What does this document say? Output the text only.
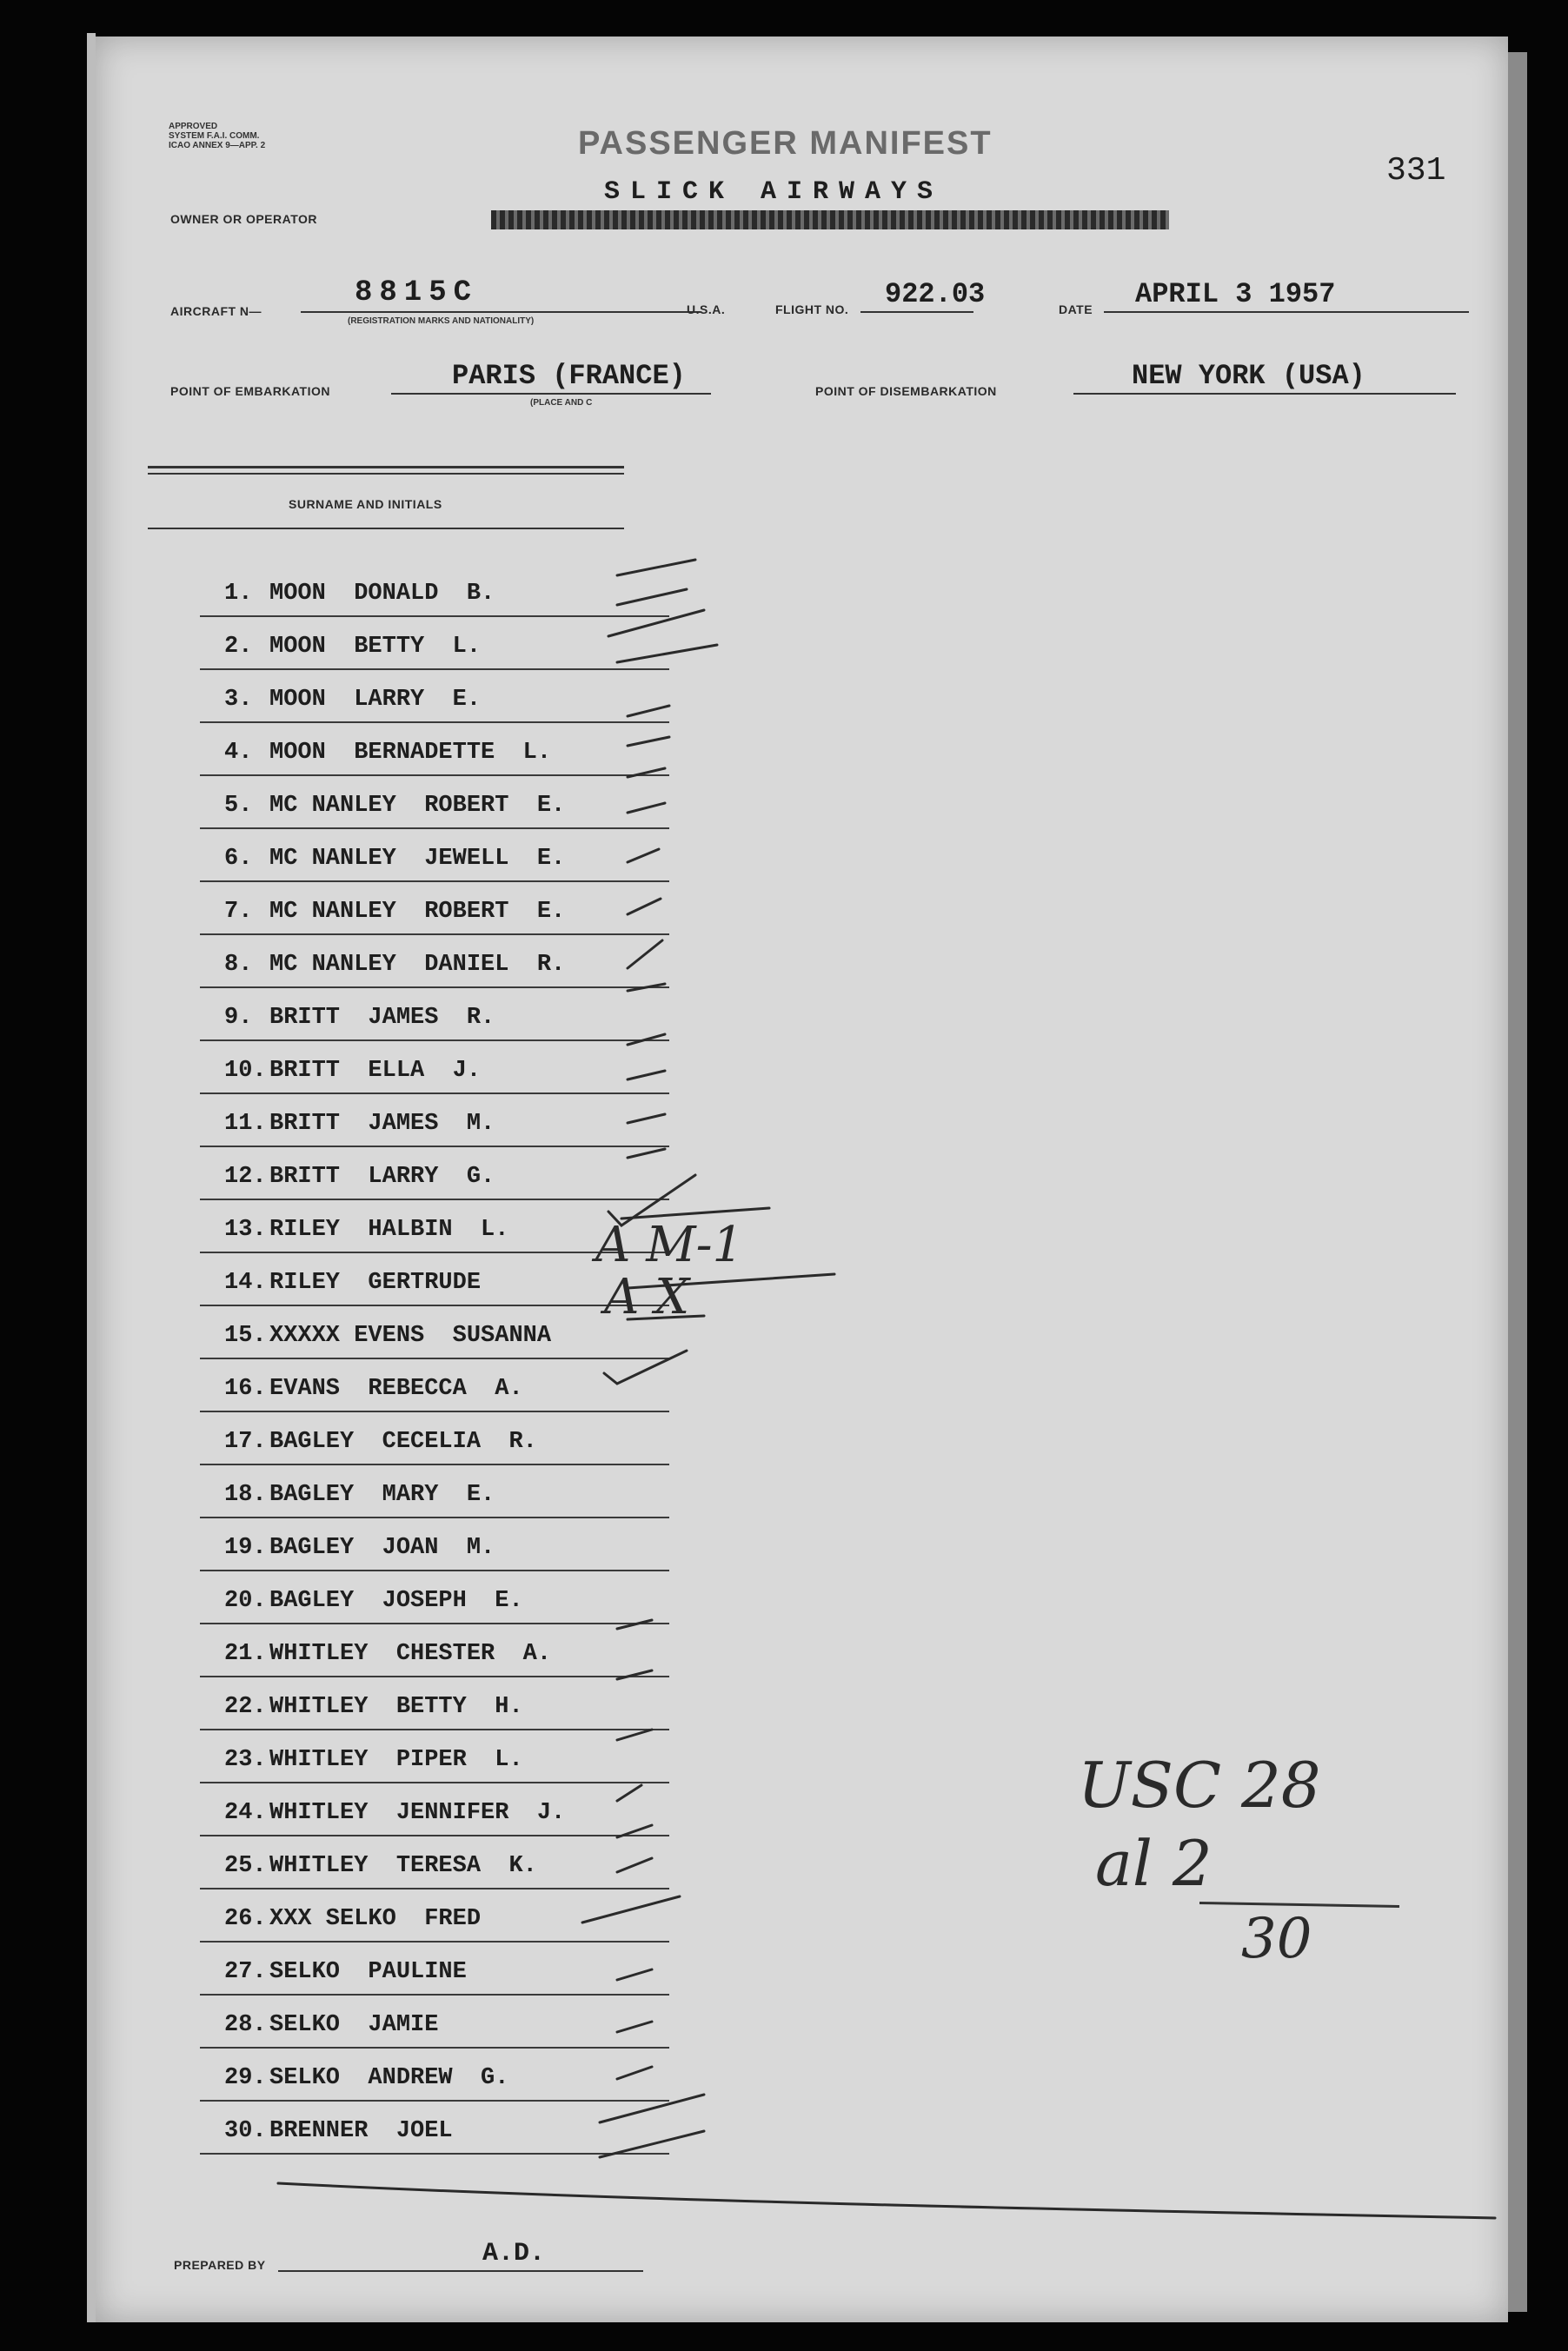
APPROVED
SYSTEM F.A.I. COMM.
ICAO ANNEX 9—APP. 2	PASSENGER MANIFEST
331
OWNER OR OPERATOR
SLICK AIRWAYS
AIRCRAFT N—
8815C
(REGISTRATION MARKS AND NATIONALITY)
U.S.A.	FLIGHT NO. 922.03	DATE APRIL 3 1957
POINT OF EMBARKATION	PARIS (FRANCE)
(PLACE AND C
POINT OF DISEMBARKATION	NEW YORK (USA)
SURNAME AND INITIALS
1. MOON  DONALD  B.
2. MOON  BETTY  L.
3. MOON  LARRY  E.
4. MOON  BERNADETTE  L.
5. MC NANLEY  ROBERT  E.
6. MC NANLEY  JEWELL  E.
7. MC NANLEY  ROBERT  E.
8. MC NANLEY  DANIEL  R.
9. BRITT  JAMES  R.
10. BRITT  ELLA  J.
11. BRITT  JAMES  M.
12. BRITT  LARRY  G.
13. RILEY  HALBIN  L.
14. RILEY  GERTRUDE
15. XXXXX EVENS  SUSANNA
16. EVANS  REBECCA  A.
17. BAGLEY  CECELIA  R.
18. BAGLEY  MARY  E.
19. BAGLEY  JOAN  M.
20. BAGLEY  JOSEPH  E.
21. WHITLEY  CHESTER  A.
22. WHITLEY  BETTY  H.
23. WHITLEY  PIPER  L.
24. WHITLEY  JENNIFER  J.
25. WHITLEY  TERESA  K.
26. XXX SELKO  FRED
27. SELKO  PAULINE
28. SELKO  JAMIE
29. SELKO  ANDREW  G.
30. BRENNER  JOEL
A M-1
A X
USC 28
al 2
30
PREPARED BY	A.D.
